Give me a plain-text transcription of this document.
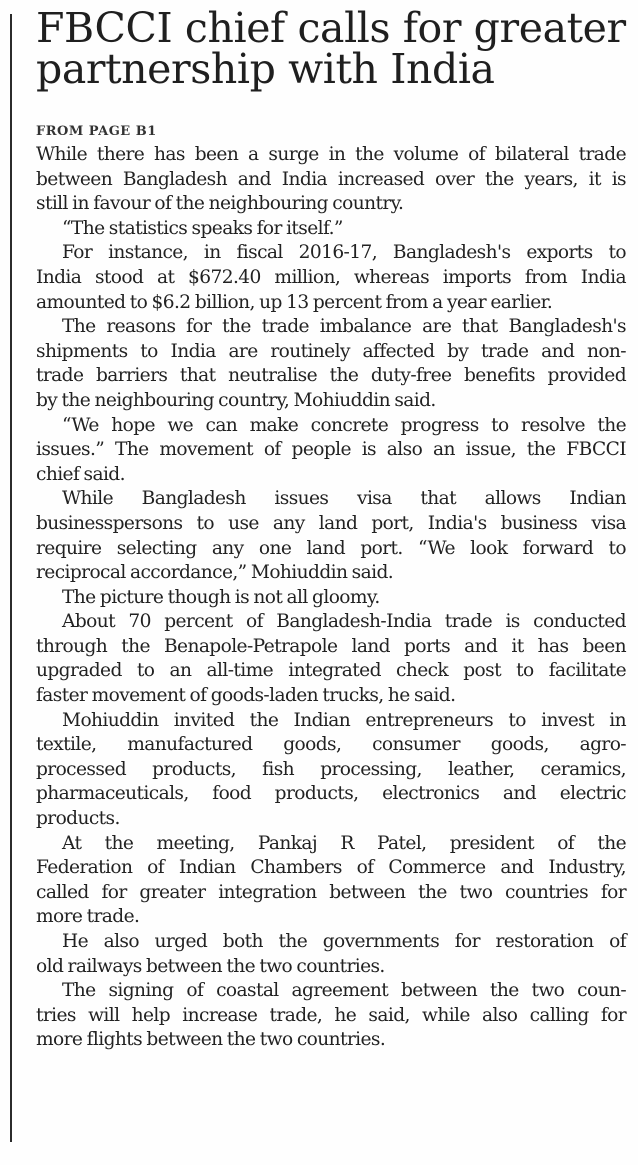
FBCCI chief calls for greater
partnership with India
FROM PAGE B1

While there has been a surge in the volume of bilateral trade

between Bangladesh and India increased over the years, it is

still in favour of the neighbouring country.

“The statistics speaks for itself.”

For instance, in fiscal 2016-17, Bangladesh's exports to

India stood at $672.40 million, whereas imports from India

amounted to $6.2 billion, up 13 percent from a year earlier.

The reasons for the trade imbalance are that Bangladesh's

shipments to India are routinely affected by trade and non-

trade barriers that neutralise the duty-free benefits provided

by the neighbouring country, Mohiuddin said.

“We hope we can make concrete progress to resolve the

issues.” The movement of people is also an issue, the FBCCI

chief said.

While Bangladesh issues visa that allows Indian

businesspersons to use any land port, India's business visa

require selecting any one land port. “We look forward to

reciprocal accordance,” Mohiuddin said.

The picture though is not all gloomy.

About 70 percent of Bangladesh-India trade is conducted

through the Benapole-Petrapole land ports and it has been

upgraded to an all-time integrated check post to facilitate

faster movement of goods-laden trucks, he said.

Mohiuddin invited the Indian entrepreneurs to invest in

textile, manufactured goods, consumer goods, agro-

processed products, fish processing, leather, ceramics,

pharmaceuticals, food products, electronics and electric

products.

At the meeting, Pankaj R Patel, president of the

Federation of Indian Chambers of Commerce and Industry,

called for greater integration between the two countries for

more trade.

He also urged both the governments for restoration of

old railways between the two countries.

The signing of coastal agreement between the two coun-

tries will help increase trade, he said, while also calling for

more flights between the two countries.
